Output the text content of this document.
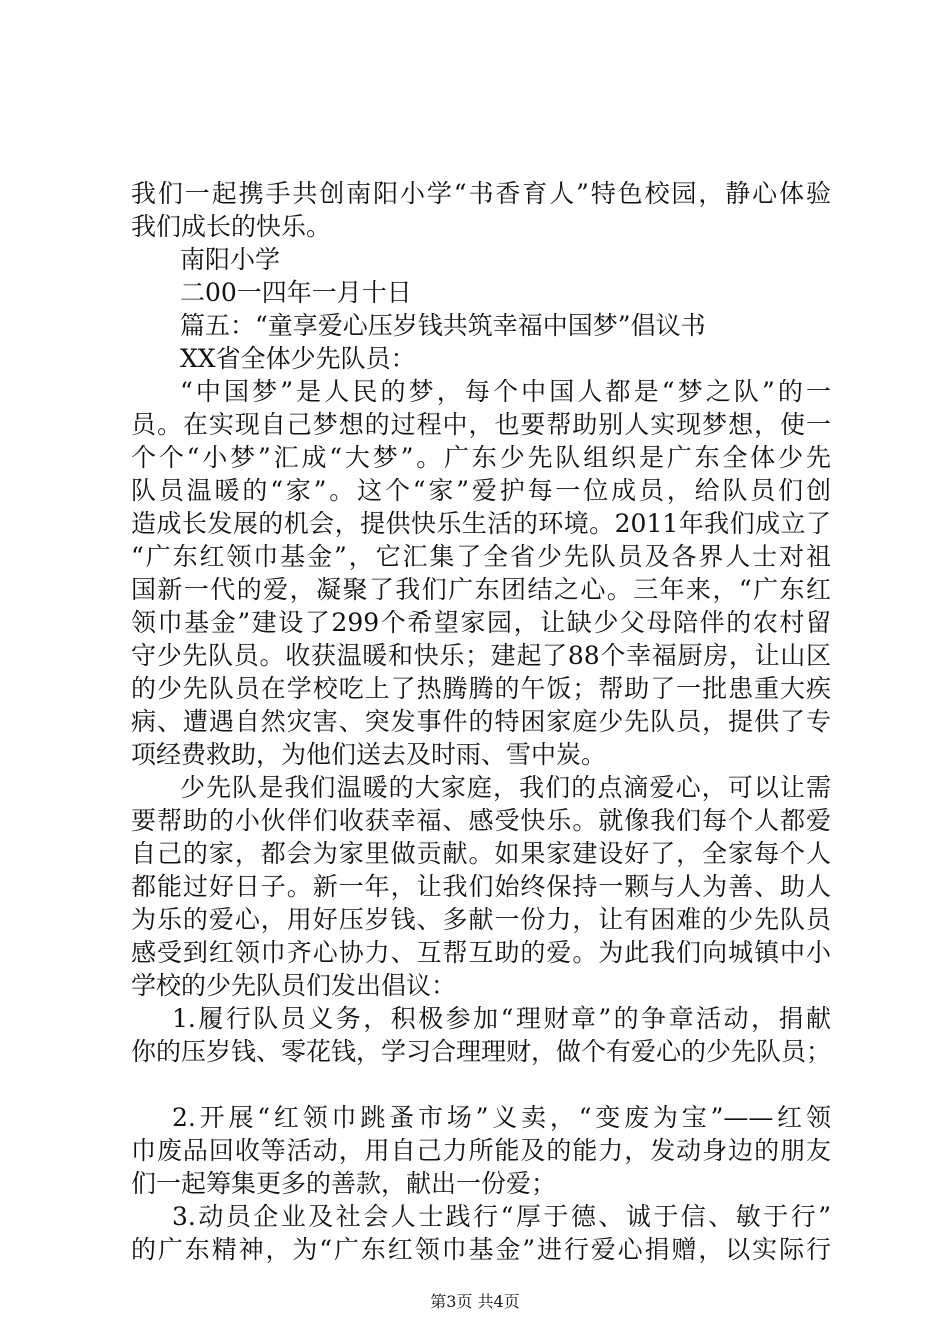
我们一起携手共创南阳小学“书香育人”特色校园，静心体验
我们成长的快乐。
南阳小学
二00一四年一月十日
篇五：“童享爱心压岁钱共筑幸福中国梦”倡议书
XX省全体少先队员：
“中国梦”是人民的梦，每个中国人都是“梦之队”的一
员。在实现自己梦想的过程中，也要帮助别人实现梦想，使一
个个“小梦”汇成“大梦”。广东少先队组织是广东全体少先
队员温暖的“家”。这个“家”爱护每一位成员，给队员们创
造成长发展的机会，提供快乐生活的环境。2011年我们成立了
“广东红领巾基金”，它汇集了全省少先队员及各界人士对祖
国新一代的爱，凝聚了我们广东团结之心。三年来，“广东红
领巾基金”建设了299个希望家园，让缺少父母陪伴的农村留
守少先队员。收获温暖和快乐；建起了88个幸福厨房，让山区
的少先队员在学校吃上了热腾腾的午饭；帮助了一批患重大疾
病、遭遇自然灾害、突发事件的特困家庭少先队员，提供了专
项经费救助，为他们送去及时雨、雪中炭。
少先队是我们温暖的大家庭，我们的点滴爱心，可以让需
要帮助的小伙伴们收获幸福、感受快乐。就像我们每个人都爱
自己的家，都会为家里做贡献。如果家建设好了，全家每个人
都能过好日子。新一年，让我们始终保持一颗与人为善、助人
为乐的爱心，用好压岁钱、多献一份力，让有困难的少先队员
感受到红领巾齐心协力、互帮互助的爱。为此我们向城镇中小
学校的少先队员们发出倡议：
1.履行队员义务，积极参加“理财章”的争章活动，捐献
你的压岁钱、零花钱，学习合理理财，做个有爱心的少先队员；
2.开展“红领巾跳蚤市场”义卖，“变废为宝”——红领
巾废品回收等活动，用自己力所能及的能力，发动身边的朋友
们一起筹集更多的善款，献出一份爱；
3.动员企业及社会人士践行“厚于德、诚于信、敏于行”
的广东精神，为“广东红领巾基金”进行爱心捐赠，以实际行
第3页 共4页
